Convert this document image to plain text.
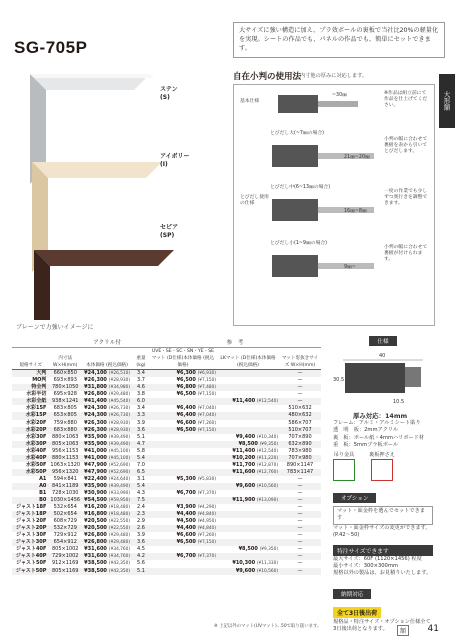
SG-705P
大サイズに強い構造に加え、プラ效ボールの裏板で当社比20%の軽量化を実現。シートの作品でも、パネルの作品でも、簡単にセットできます。
大形額
ステン
(S)
アイボリー
(I)
セピア
(SP)
ブレーンで力強いイメージに
自在小判の使用法
内寸他の厚みに対応します。
基本仕様
~30㎜	※作品は組立前にて作品を仕上げてください。
とびだし使用の仕様
とびだし大(~7㎜の場合)
21㎜~20㎜
小判の幅に合わせて裏板を表から引いてとびだします。
とびだし中(6~13㎜の場合)
16㎜~8㎜
一度の作業でも少しずつ奥行きを調整できます。
とびだし小(1~9㎜の場合)
9㎜~
小判の幅に合わせて裏板が付けられます。
		アクリル付			参　考		
規格サイズ	内寸法 W×H(mm)	本体価格 (税込価格)		重量 (kg)	UVE・SE・SC・SN・YE・SEマット (D仕様)本体価格 (税込価格)	LKマット (D仕様)本体価格 (税込価格)	マット窓抜きサイズ W×H(mm)
大判	660×850	¥24,100	(¥26,510)	3.4	¥6,300 (¥6,930)		—
MO判	693×893	¥26,300	(¥28,930)	3.7	¥6,500 (¥7,150)		—
特全判	780×1050	¥31,800	(¥34,980)	4.6	¥6,800 (¥7,480)		—
水彩半切	695×928	¥26,800	(¥29,480)	3.8	¥6,500 (¥7,150)		—
水彩全紙	938×1241	¥41,400	(¥45,540)	6.0		¥11,400 (¥12,540)	—
水彩15F	683×805	¥24,300	(¥26,730)	3.4	¥6,400 (¥7,040)		510×632
水彩15P	653×805	¥24,300	(¥26,730)	3.3	¥6,400 (¥7,040)		480×632
水彩20F	759×880	¥26,300	(¥28,930)	3.9	¥6,600 (¥7,260)		586×707
水彩20P	683×880	¥26,300	(¥28,930)	3.6	¥6,500 (¥7,150)		510×707
水彩30F	880×1063	¥35,900	(¥39,490)	5.1		¥9,400 (¥10,340)	707×890
水彩30P	805×1063	¥35,900	(¥39,490)	4.7		¥8,500 (¥9,350)	632×890
水彩40F	956×1153	¥41,000	(¥45,100)	5.8		¥11,400 (¥12,540)	783×980
水彩40P	880×1153	¥41,000	(¥45,100)	5.4		¥10,200 (¥11,220)	707×980
水彩50F	1063×1320	¥47,900	(¥52,690)	7.0		¥11,700 (¥12,870)	890×1147
水彩50P	956×1320	¥47,900	(¥52,690)	6.5		¥11,600 (¥12,760)	783×1147
A1	594×841	¥22,400	(¥24,640)	3.1	¥5,300 (¥5,830)		—
A0	841×1189	¥35,900	(¥39,490)	5.4		¥9,600 (¥10,560)	—
B1	728×1030	¥30,900	(¥33,990)	4.3	¥6,700 (¥7,370)		—
B0	1030×1456	¥54,500	(¥59,950)	7.5		¥11,900 (¥13,090)	—
ジャスト18F	532×654	¥16,200	(¥18,480)	2.4	¥3,900 (¥4,290)		—
ジャスト18P	502×654	¥16,800	(¥18,480)	2.3	¥4,400 (¥4,840)		—
ジャスト20F	608×729	¥20,500	(¥22,550)	2.9	¥4,500 (¥4,950)		—
ジャスト20P	532×729	¥20,500	(¥22,550)	2.6	¥4,400 (¥4,840)		—
ジャスト30F	729×912	¥26,800	(¥29,480)	3.9	¥6,600 (¥7,260)		—
ジャスト30P	654×912	¥26,800	(¥29,480)	3.6	¥6,500 (¥7,150)		—
ジャスト40F	805×1002	¥31,600	(¥34,760)	4.5		¥8,500 (¥9,350)	—
ジャスト40P	729×1002	¥31,600	(¥34,760)	4.2	¥6,700 (¥7,370)		—
ジャスト50F	912×1169	¥38,500	(¥42,350)	5.6		¥10,300 (¥11,330)	—
ジャスト50P	805×1169	¥38,500	(¥42,350)	5.1		¥9,600 (¥10,560)	—
※ 上記以外のマット(UVマット)…50で取り扱います。
仕様
40
30.5
10.5
厚み対応：14mm
フレーム：アルミ・アルミシート貼り
透　明　板：2mmアクリル
裏　板：ボール紙・4mmハリボード材
重　板：5mmプラ板ボール
吊り金具	裏板押さえ
オプション
マット・面金枠を選んでセットできます
マット・面金枠サイズの変更ができます。(P.42～50)
特注サイズできます
最大サイズ：60F (1120×1456) 程度
最小サイズ：300×300mm
規格以外の製品は、お見積りいたします。
納期対応
全て3日後出荷
規格品・特注サイズ・オプション仕様全て3日後出荷となります。	額	41
